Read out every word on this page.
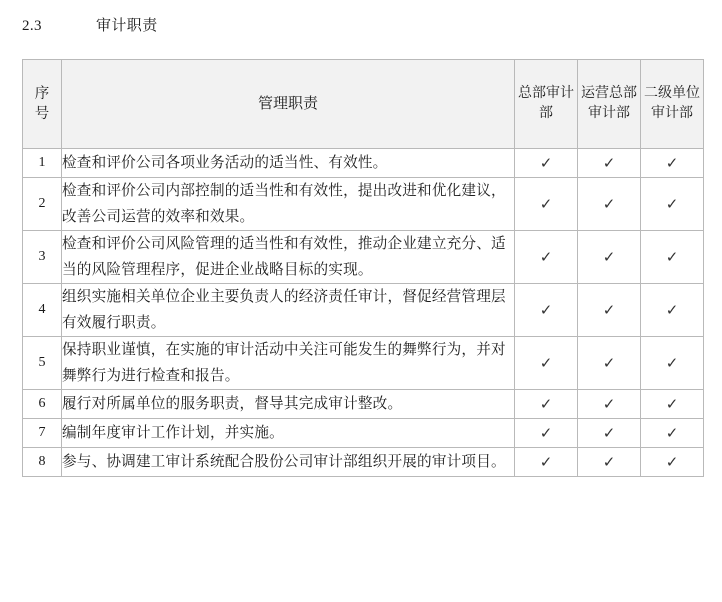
2.3	审计职责
序
号	管理职责	总部审计部	运营总部审计部	二级单位审计部
1	检查和评价公司各项业务活动的适当性、有效性。	✓	✓	✓
2	检查和评价公司内部控制的适当性和有效性，提出改进和优化建议，改善公司运营的效率和效果。	✓	✓	✓
3	检查和评价公司风险管理的适当性和有效性，推动企业建立充分、适当的风险管理程序，促进企业战略目标的实现。	✓	✓	✓
4	组织实施相关单位企业主要负责人的经济责任审计，督促经营管理层有效履行职责。	✓	✓	✓
5	保持职业谨慎，在实施的审计活动中关注可能发生的舞弊行为，并对舞弊行为进行检查和报告。	✓	✓	✓
6	履行对所属单位的服务职责，督导其完成审计整改。	✓	✓	✓
7	编制年度审计工作计划，并实施。	✓	✓	✓
8	参与、协调建工审计系统配合股份公司审计部组织开展的审计项目。	✓	✓	✓
